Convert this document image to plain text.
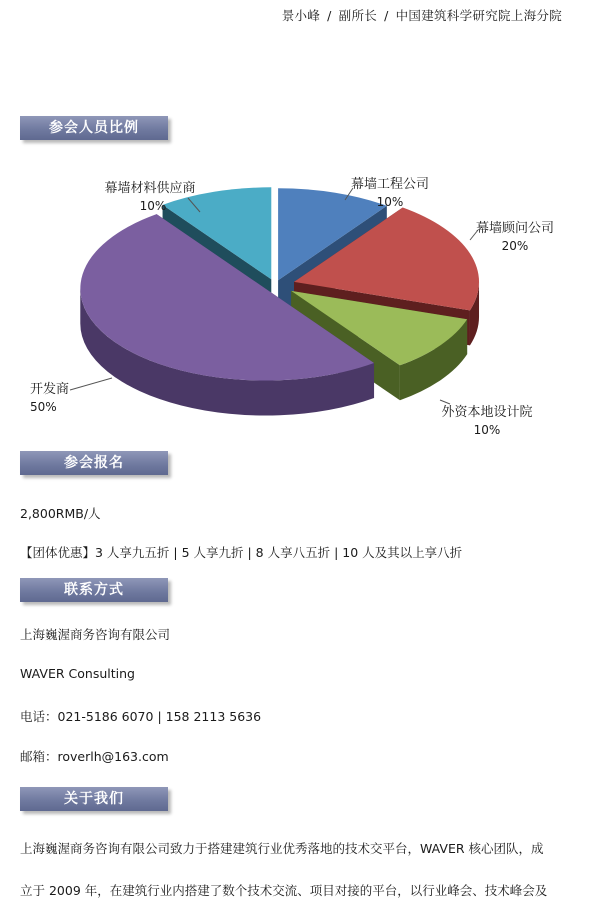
景小峰 / 副所长 / 中国建筑科学研究院上海分院
参会人员比例
幕墙工程公司
10%
幕墙顾问公司
20%
外资本地设计院
10%
开发商
50%
幕墙材料供应商
10%
参会报名
2,800RMB/人
【团体优惠】3 人享九五折 | 5 人享九折 | 8 人享八五折 | 10 人及其以上享八折
联系方式
上海巍渥商务咨询有限公司
WAVER Consulting
电话：021-5186 6070 | 158 2113 5636
邮箱：roverlh@163.com
关于我们
上海巍渥商务咨询有限公司致力于搭建建筑行业优秀落地的技术交平台，WAVER 核心团队，成
立于 2009 年，在建筑行业内搭建了数个技术交流、项目对接的平台，以行业峰会、技术峰会及
